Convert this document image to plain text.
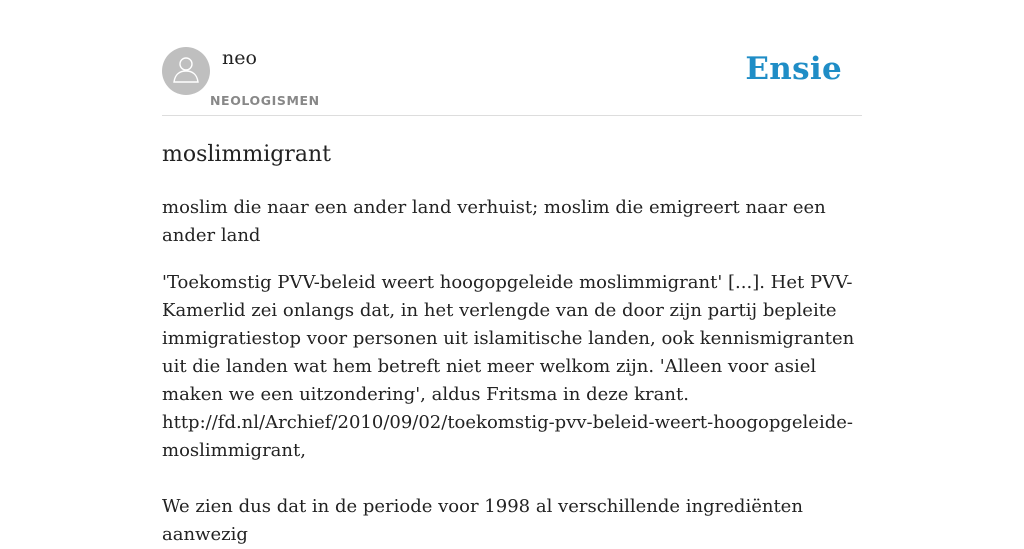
neo
NEOLOGISMEN
Ensie
moslimmigrant

moslim die naar een ander land verhuist; moslim die emigreert naar een ander land

'Toekomstig PVV-beleid weert hoogopgeleide moslimmigrant' [...]. Het PVV-Kamerlid zei onlangs dat, in het verlengde van de door zijn partij bepleite immigratiestop voor personen uit islamitische landen, ook kennismigranten uit die landen wat hem betreft niet meer welkom zijn. 'Alleen voor asiel maken we een uitzondering', aldus Fritsma in deze krant.
http://fd.nl/Archief/2010/09/02/toekomstig-pvv-beleid-weert-hoogopgeleide-moslimmigrant,

We zien dus dat in de periode voor 1998 al verschillende ingrediënten aanwezig
